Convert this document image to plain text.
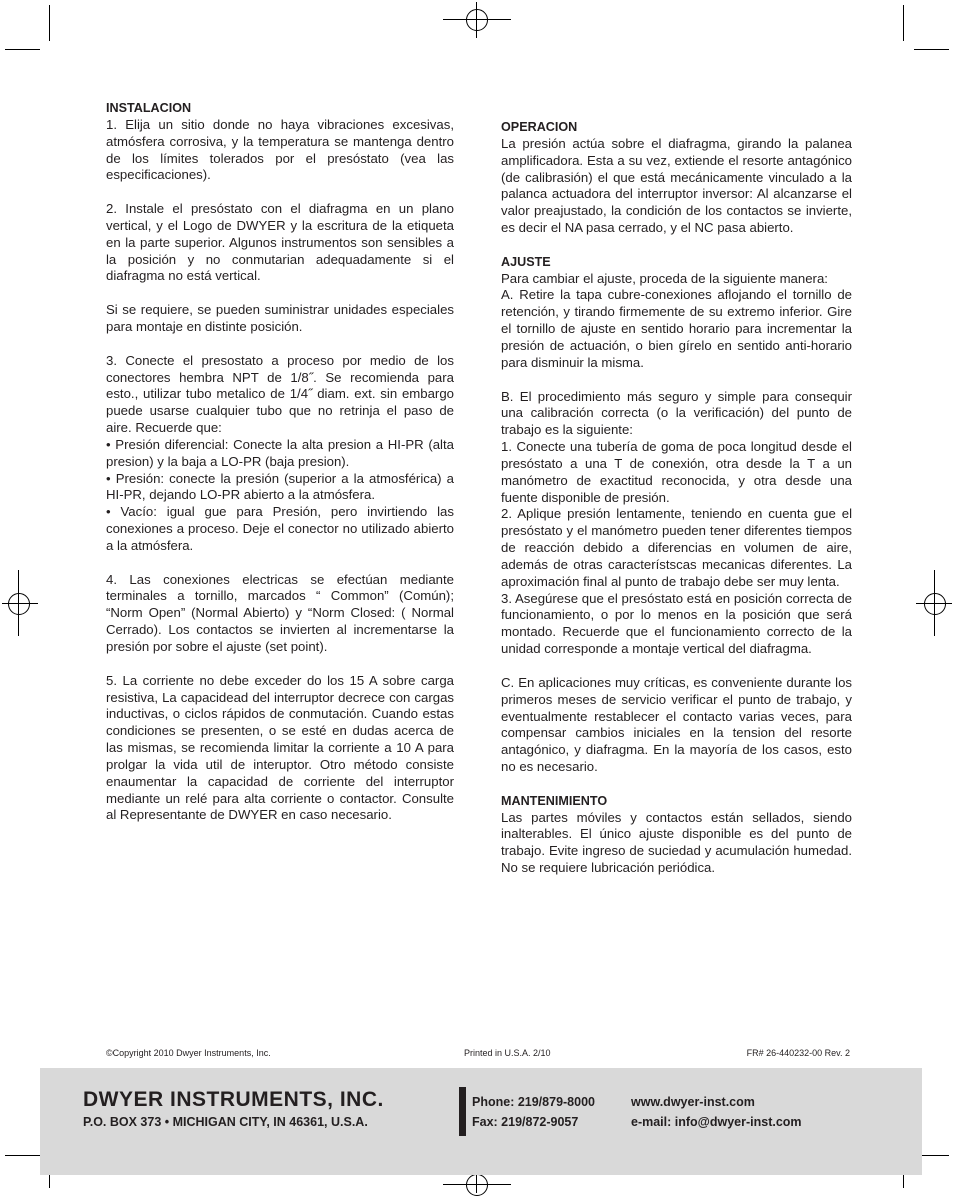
INSTALACION

1. Elija un sitio donde no haya vibraciones excesivas, atmósfera corrosiva, y la temperatura se mantenga dentro de los límites tolerados por el presóstato (vea las especificaciones).

2. Instale el presóstato con el diafragma en un plano vertical, y el Logo de DWYER y la escritura de la etiqueta en la parte superior. Algunos instrumentos son sensibles a la posición y no conmutarian adequadamente si el diafragma no está vertical.

Si se requiere, se pueden suministrar unidades especiales para montaje en distinte posición.

3. Conecte el presostato a proceso por medio de los conectores hembra NPT de 1/8˝. Se recomienda para esto., utilizar tubo metalico de 1/4˝ diam. ext. sin embargo puede usarse cualquier tubo que no retrinja el paso de aire. Recuerde que:

• Presión diferencial: Conecte la alta presion a HI-PR (alta presion) y la baja a LO-PR (baja presion).

• Presión: conecte la presión (superior a la atmosférica) a HI-PR, dejando LO-PR abierto a la atmósfera.

• Vacío: igual gue para Presión, pero invirtiendo las conexiones a proceso. Deje el conector no utilizado abierto a la atmósfera.

4. Las conexiones electricas se efectúan mediante terminales a tornillo, marcados “ Common” (Común); “Norm Open” (Normal Abierto) y “Norm Closed: ( Normal Cerrado). Los contactos se invierten al incrementarse la presión por sobre el ajuste (set point).

5. La corriente no debe exceder do los 15 A sobre carga resistiva, La capacidead del interruptor decrece con cargas inductivas, o ciclos rápidos de conmutación. Cuando estas condiciones se presenten, o se esté en dudas acerca de las mismas, se recomienda limitar la corriente a 10 A para prolgar la vida util de interuptor. Otro método consiste enaumentar la capacidad de corriente del interruptor mediante un relé para alta corriente o contactor. Consulte al Representante de DWYER en caso necesario.

OPERACION

La presión actúa sobre el diafragma, girando la palanea amplificadora. Esta a su vez, extiende el resorte antagónico (de calibrasión) el que está mecánicamente vinculado a la palanca actuadora del interruptor inversor: Al alcanzarse el valor preajustado, la condición de los contactos se invierte, es decir el NA pasa cerrado, y el NC pasa abierto.

AJUSTE

Para cambiar el ajuste, proceda de la siguiente manera:

A. Retire la tapa cubre-conexiones aflojando el tornillo de retención, y tirando firmemente de su extremo inferior. Gire el tornillo de ajuste en sentido horario para incrementar la presión de actuación, o bien gírelo en sentido anti-horario para disminuir la misma.

B. El procedimiento más seguro y simple para consequir una calibración correcta (o la verificación) del punto de trabajo es la siguiente:

1. Conecte una tubería de goma de poca longitud desde el presóstato a una T de conexión, otra desde la T a un manómetro de exactitud reconocida, y otra desde una fuente disponible de presión.

2. Aplique presión lentamente, teniendo en cuenta gue el presóstato y el manómetro pueden tener diferentes tiempos de reacción debido a diferencias en volumen de aire, además de otras característscas mecanicas diferentes. La aproximación final al punto de trabajo debe ser muy lenta.

3. Asegúrese que el presóstato está en posición correcta de funcionamiento, o por lo menos en la posición que será montado. Recuerde que el funcionamiento correcto de la unidad corresponde a montaje vertical del diafragma.

C. En aplicaciones muy críticas, es conveniente durante los primeros meses de servicio verificar el punto de trabajo, y eventualmente restablecer el contacto varias veces, para compensar cambios iniciales en la tension del resorte antagónico, y diafragma. En la mayoría de los casos, esto no es necesario.

MANTENIMIENTO

Las partes móviles y contactos están sellados, siendo inalterables. El único ajuste disponible es del punto de trabajo. Evite ingreso de suciedad y acumulación humedad. No se requiere lubricación periódica.

©Copyright 2010 Dwyer Instruments, Inc.	Printed in U.S.A. 2/10	FR# 26-440232-00 Rev. 2
DWYER INSTRUMENTS, INC.
P.O. BOX 373 • MICHIGAN CITY, IN 46361, U.S.A.
Phone: 219/879-8000
Fax: 219/872-9057
www.dwyer-inst.com
e-mail: info@dwyer-inst.com
